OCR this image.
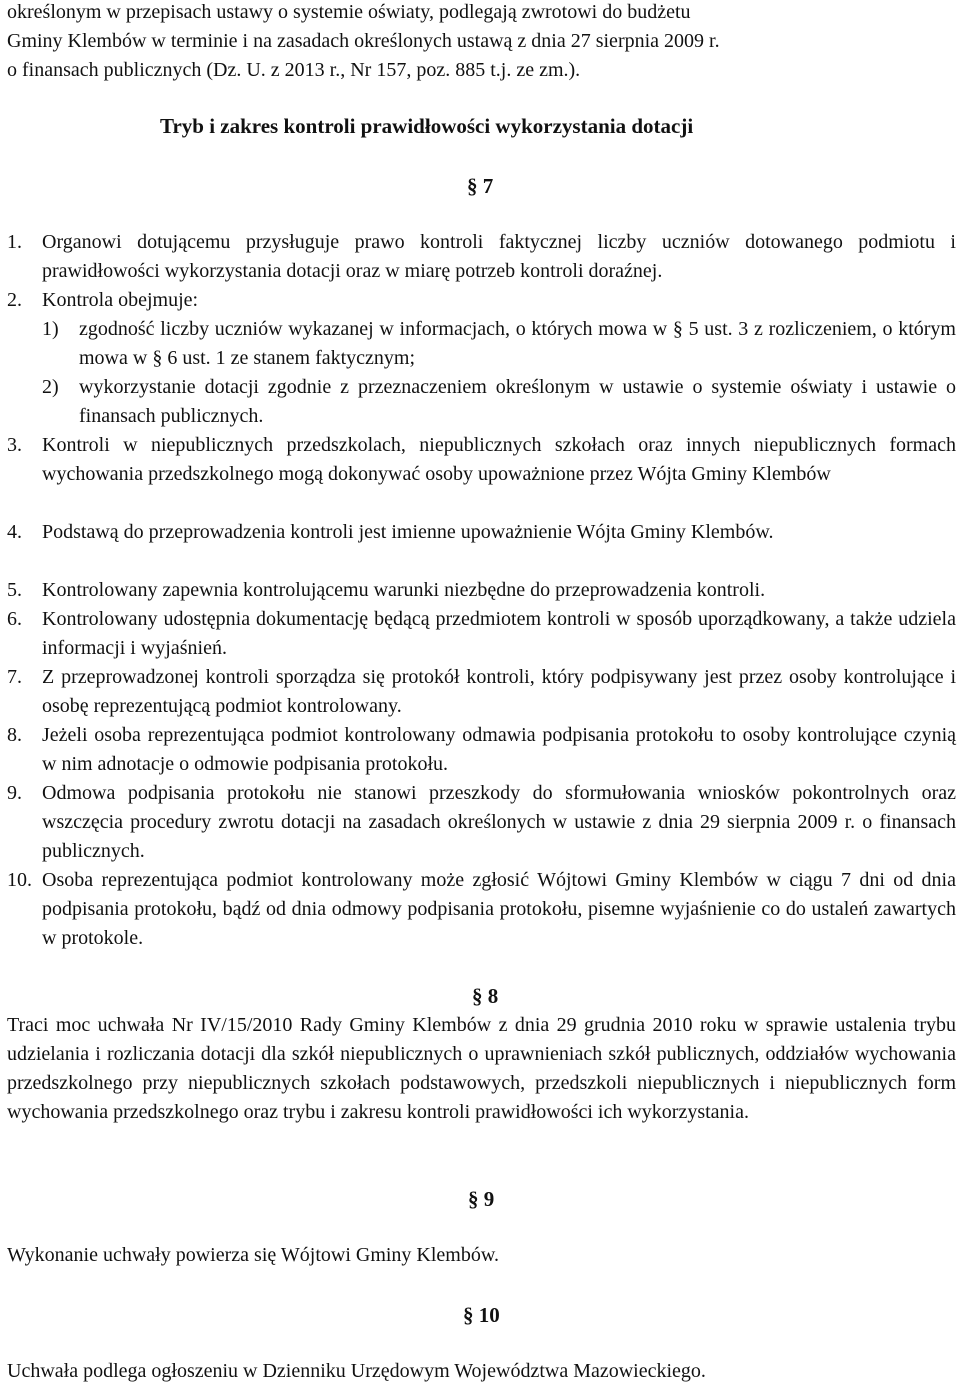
określonym w przepisach ustawy o systemie oświaty, podlegają zwrotowi do budżetu
Gminy Klembów w terminie i na zasadach określonych ustawą z dnia 27 sierpnia 2009 r.
o finansach publicznych (Dz. U. z 2013 r., Nr 157, poz. 885 t.j. ze zm.).
Tryb i zakres kontroli prawidłowości wykorzystania dotacji
§ 7
1. Organowi dotującemu przysługuje prawo kontroli faktycznej liczby uczniów dotowanego podmiotu i prawidłowości wykorzystania dotacji oraz w miarę potrzeb kontroli doraźnej.
2. Kontrola obejmuje:
1) zgodność liczby uczniów wykazanej w informacjach, o których mowa w § 5 ust. 3 z rozliczeniem, o którym mowa w § 6 ust. 1 ze stanem faktycznym;
2) wykorzystanie dotacji zgodnie z przeznaczeniem określonym w ustawie o systemie oświaty i ustawie o finansach publicznych.
3. Kontroli w niepublicznych przedszkolach, niepublicznych szkołach oraz innych niepublicznych formach wychowania przedszkolnego mogą dokonywać osoby upoważnione przez Wójta Gminy Klembów
4. Podstawą do przeprowadzenia kontroli jest imienne upoważnienie Wójta Gminy Klembów.
5. Kontrolowany zapewnia kontrolującemu warunki niezbędne do przeprowadzenia kontroli.
6. Kontrolowany udostępnia dokumentację będącą przedmiotem kontroli w sposób uporządkowany, a także udziela informacji i wyjaśnień.
7. Z przeprowadzonej kontroli sporządza się protokół kontroli, który podpisywany jest przez osoby kontrolujące i osobę reprezentującą podmiot kontrolowany.
8. Jeżeli osoba reprezentująca podmiot kontrolowany odmawia podpisania protokołu to osoby kontrolujące czynią w nim adnotacje o odmowie podpisania protokołu.
9. Odmowa podpisania protokołu nie stanowi przeszkody do sformułowania wniosków pokontrolnych oraz wszczęcia procedury zwrotu dotacji na zasadach określonych w ustawie z dnia 29 sierpnia 2009 r. o finansach publicznych.
10. Osoba reprezentująca podmiot kontrolowany może zgłosić Wójtowi Gminy Klembów w ciągu 7 dni od dnia podpisania protokołu, bądź od dnia odmowy podpisania protokołu, pisemne wyjaśnienie co do ustaleń zawartych w protokole.
§ 8
Traci moc uchwała Nr IV/15/2010 Rady Gminy Klembów z dnia 29 grudnia 2010 roku w sprawie ustalenia trybu udzielania i rozliczania dotacji dla szkół niepublicznych o uprawnieniach szkół publicznych, oddziałów wychowania przedszkolnego przy niepublicznych szkołach podstawowych, przedszkoli niepublicznych i niepublicznych form wychowania przedszkolnego oraz trybu i zakresu kontroli prawidłowości ich wykorzystania.
§ 9
Wykonanie uchwały powierza się Wójtowi Gminy Klembów.
§ 10
Uchwała podlega ogłoszeniu w Dzienniku Urzędowym Województwa Mazowieckiego.
